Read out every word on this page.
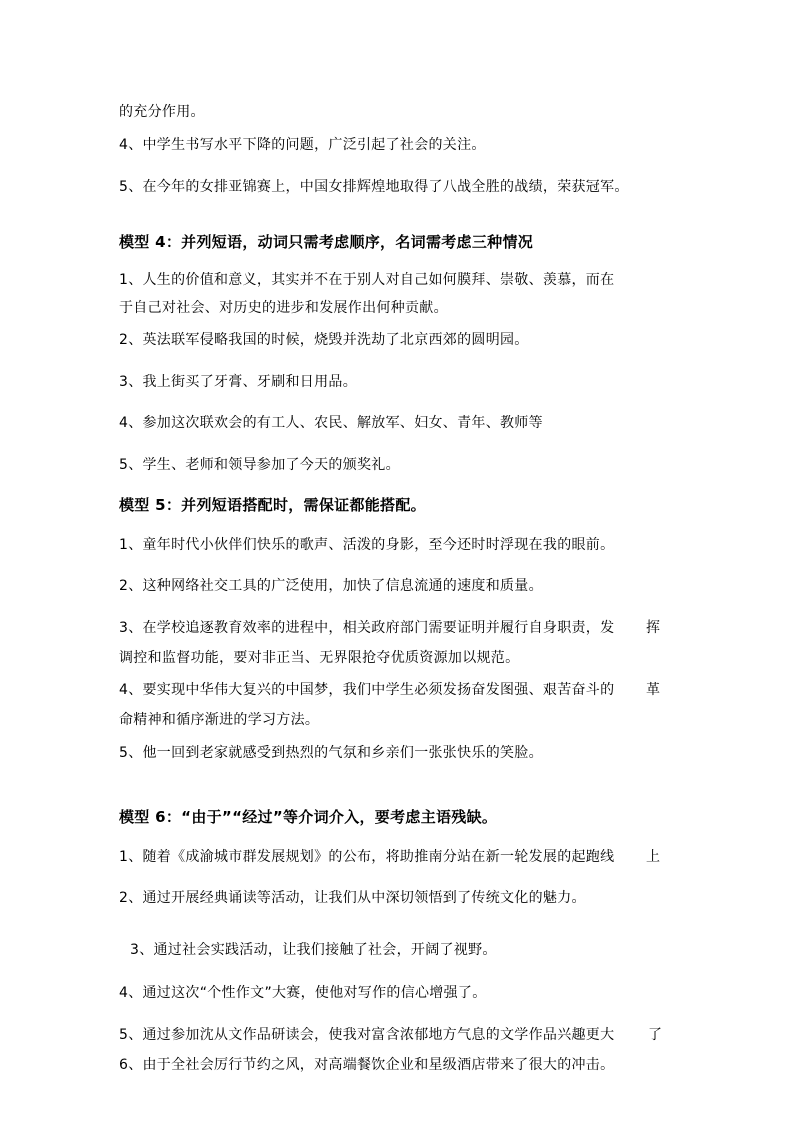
的充分作用。
4、中学生书写水平下降的问题，广泛引起了社会的关注。
5、在今年的女排亚锦赛上，中国女排辉煌地取得了八战全胜的战绩，荣获冠军。
模型 4：并列短语，动词只需考虑顺序，名词需考虑三种情况
1、人生的价值和意义，其实并不在于别人对自己如何膜拜、崇敬、羡慕，而在
于自己对社会、对历史的进步和发展作出何种贡献。
2、英法联军侵略我国的时候，烧毁并洗劫了北京西郊的圆明园。
3、我上街买了牙膏、牙刷和日用品。
4、参加这次联欢会的有工人、农民、解放军、妇女、青年、教师等
5、学生、老师和领导参加了今天的颁奖礼。
模型 5：并列短语搭配时，需保证都能搭配。
1、童年时代小伙伴们快乐的歌声、活泼的身影，至今还时时浮现在我的眼前。
2、这种网络社交工具的广泛使用，加快了信息流通的速度和质量。
3、在学校追逐教育效率的进程中，相关政府部门需要证明并履行自身职责，发 挥
调控和监督功能，要对非正当、无界限抢夺优质资源加以规范。
4、要实现中华伟大复兴的中国梦，我们中学生必须发扬奋发图强、艰苦奋斗的 革
命精神和循序渐进的学习方法。
5、他一回到老家就感受到热烈的气氛和乡亲们一张张快乐的笑脸。
模型 6：“由于”“经过”等介词介入，要考虑主语残缺。
1、随着《成渝城市群发展规划》的公布，将助推南分站在新一轮发展的起跑线 上
2、通过开展经典诵读等活动，让我们从中深切领悟到了传统文化的魅力。
3、通过社会实践活动，让我们接触了社会，开阔了视野。
4、通过这次“个性作文”大赛，使他对写作的信心增强了。
5、通过参加沈从文作品研读会，使我对富含浓郁地方气息的文学作品兴趣更大 了
6、由于全社会厉行节约之风，对高端餐饮企业和星级酒店带来了很大的冲击。
